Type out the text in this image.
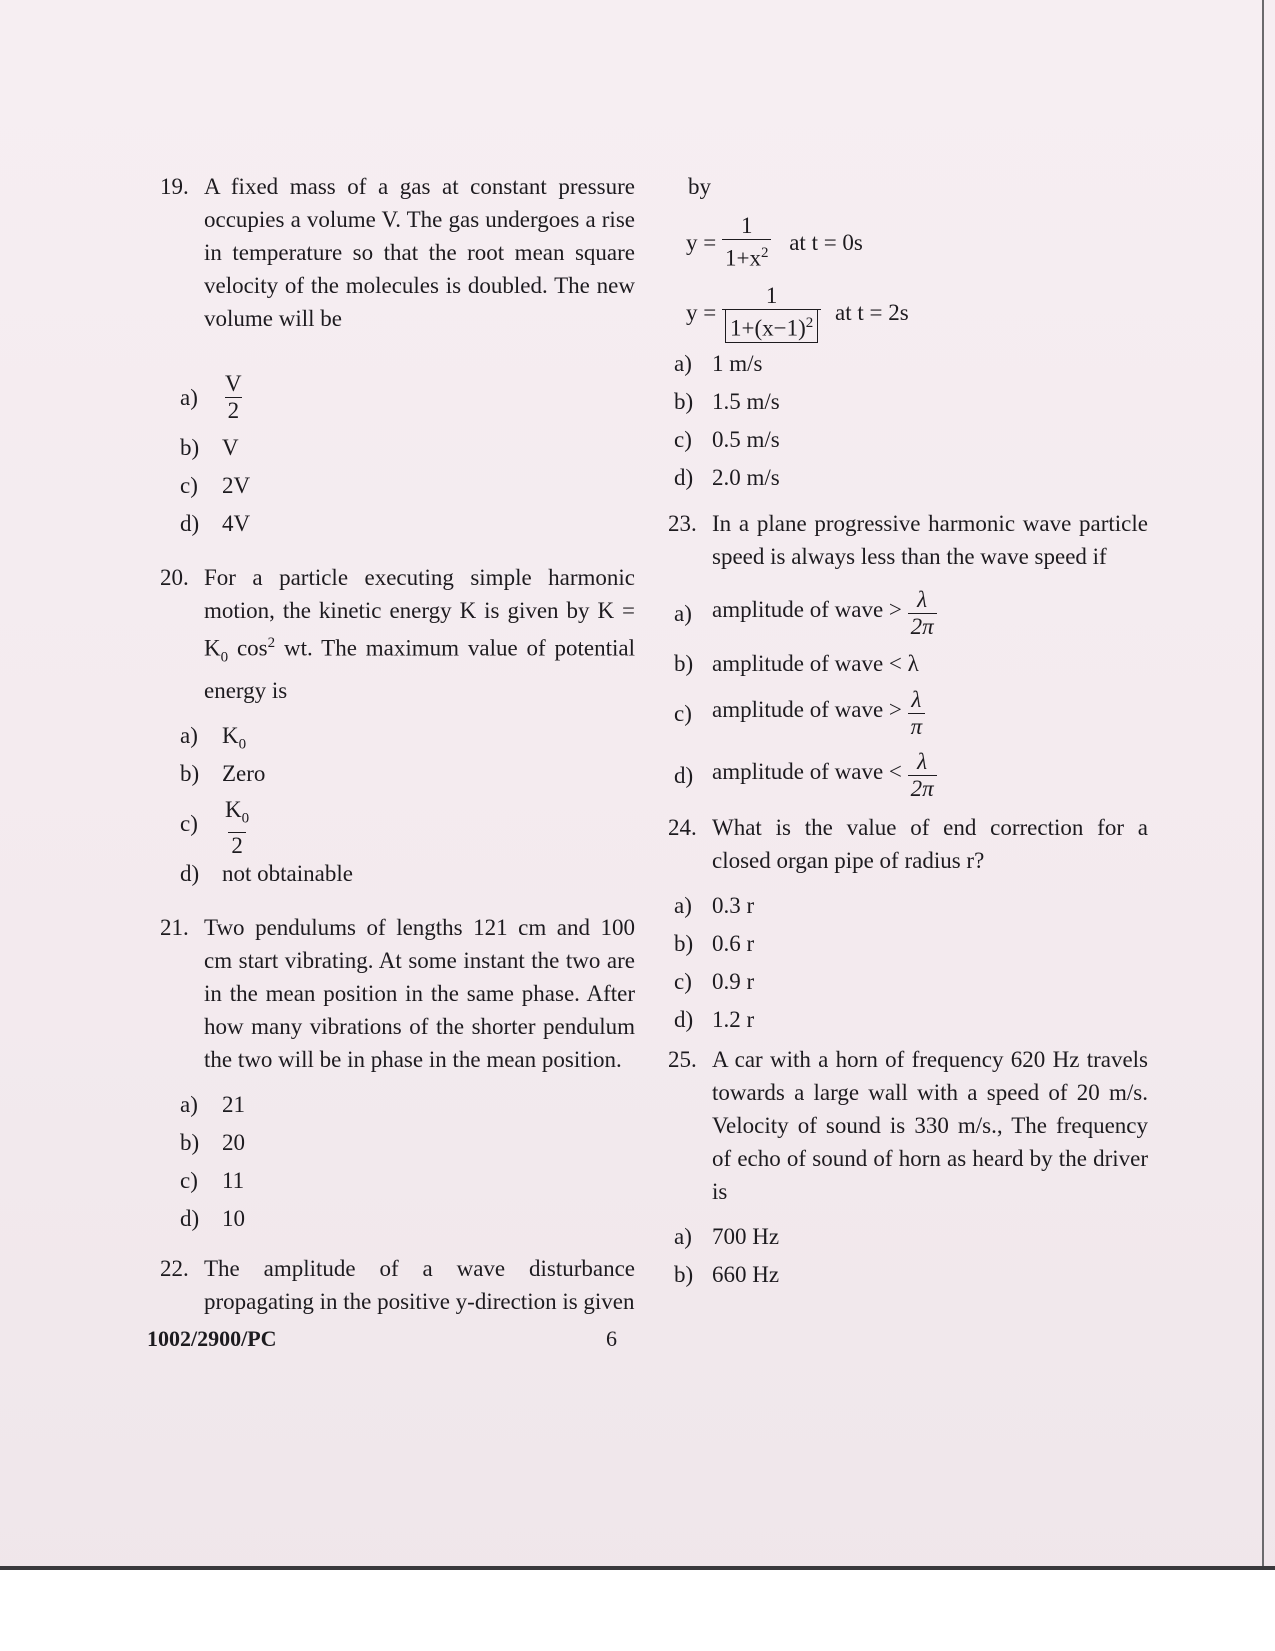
19. A fixed mass of a gas at constant pressure occupies a volume V. The gas undergoes a rise in temperature so that the root mean square velocity of the molecules is doubled. The new volume will be
$a) \frac{V}{2}$
b) V
c) 2V
d) 4V
20. For a particle executing simple harmonic motion, the kinetic energy K is given by $K = K_0$ $\cos^2$ wt. The maximum value of potential energy is
a) $K_0$
b) Zero
$c) \frac{K_0}{2}$
d) not obtainable
21. Two pendulums of lengths 121 cm and 100 cm start vibrating. At some instant the two are in the mean position in the same phase. After how many vibrations of the shorter pendulum the two will be in phase in the mean position.
a) 21
b) 20
c) 11
d) 10
22. The amplitude of a wave disturbance propagating in the positive y-direction is given
by
$y = \frac{1}{1+x^2}$ at t = 0s
$y = \frac{1}{1+(x-1)^2}$ at t = 2s
a) 1 m/s
b) 1.5 m/s
c) 0.5 m/s
d) 2.0 m/s
23. In a plane progressive harmonic wave particle speed is always less than the wave speed if
a) amplitude of wave > $\frac{\lambda}{2\pi}$
b) amplitude of wave < λ
c) amplitude of wave > $\frac{\lambda}{\pi}$
d) amplitude of wave < $\frac{\lambda}{2\pi}$
24. What is the value of end correction for a closed organ pipe of radius r?
a) 0.3 r
b) 0.6 r
c) 0.9 r
d) 1.2 r
25. A car with a horn of frequency 620 Hz travels towards a large wall with a speed of 20 m/s. Velocity of sound is 330 m/s., The frequency of echo of sound of horn as heard by the driver is
a) 700 Hz
b) 660 Hz
1002/2900/PC	6
